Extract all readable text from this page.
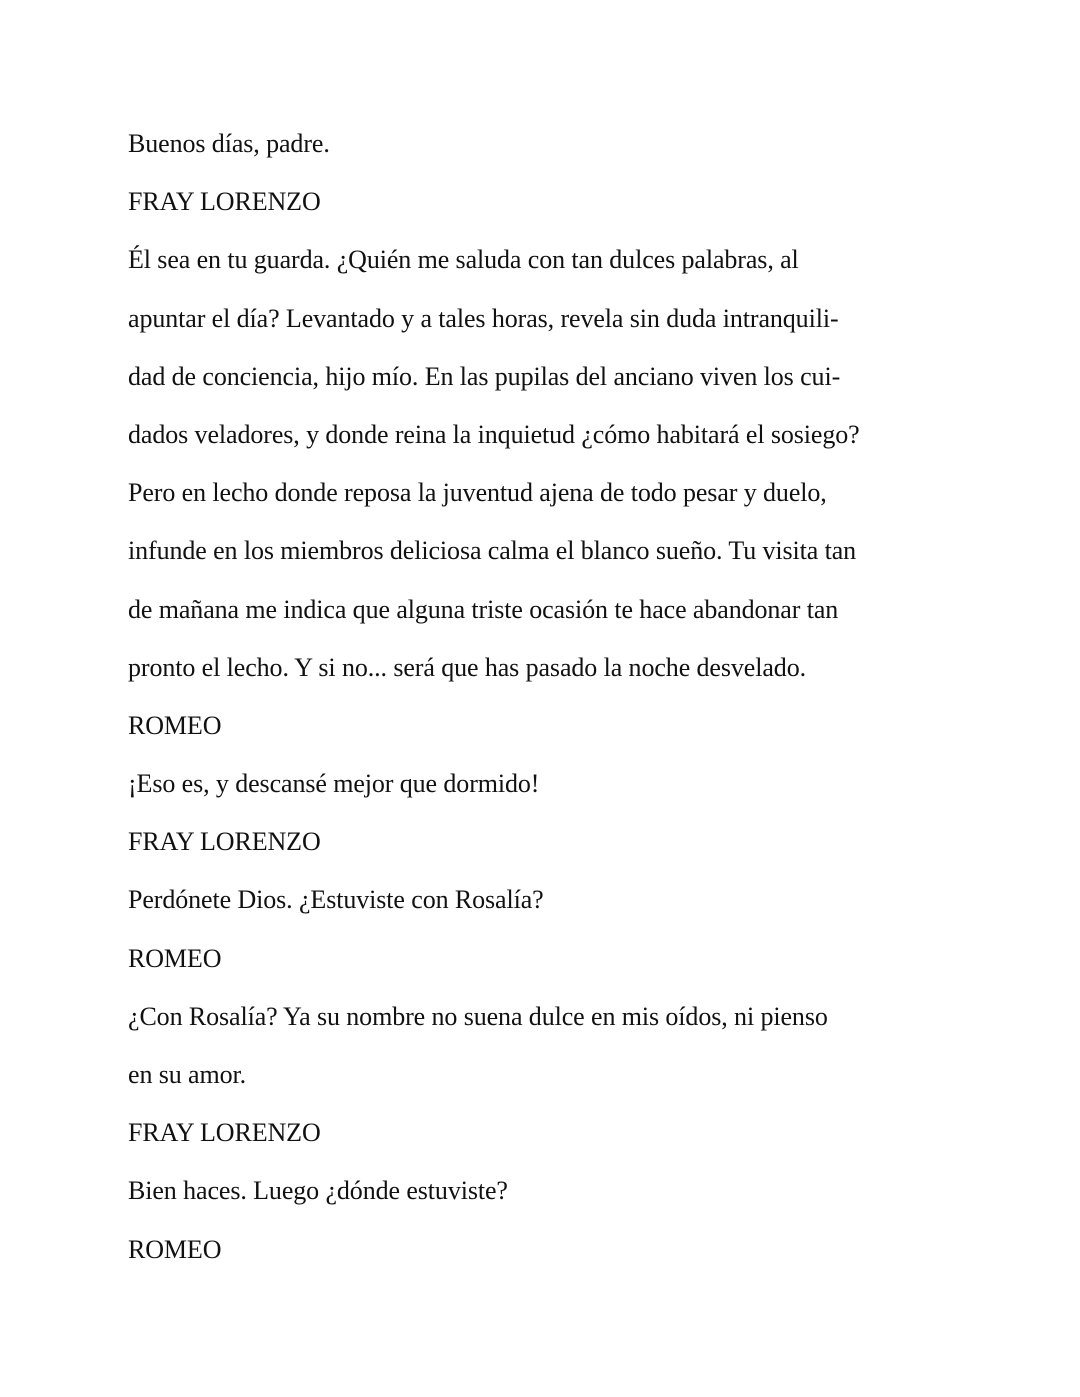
Buenos días, padre.
FRAY LORENZO
Él sea en tu guarda. ¿Quién me saluda con tan dulces palabras, al
apuntar el día? Levantado y a tales horas, revela sin duda intranquili-
dad de conciencia, hijo mío. En las pupilas del anciano viven los cui-
dados veladores, y donde reina la inquietud ¿cómo habitará el sosiego?
Pero en lecho donde reposa la juventud ajena de todo pesar y duelo,
infunde en los miembros deliciosa calma el blanco sueño. Tu visita tan
de mañana me indica que alguna triste ocasión te hace abandonar tan
pronto el lecho. Y si no... será que has pasado la noche desvelado.
ROMEO
¡Eso es, y descansé mejor que dormido!
FRAY LORENZO
Perdónete Dios. ¿Estuviste con Rosalía?
ROMEO
¿Con Rosalía? Ya su nombre no suena dulce en mis oídos, ni pienso
en su amor.
FRAY LORENZO
Bien haces. Luego ¿dónde estuviste?
ROMEO
